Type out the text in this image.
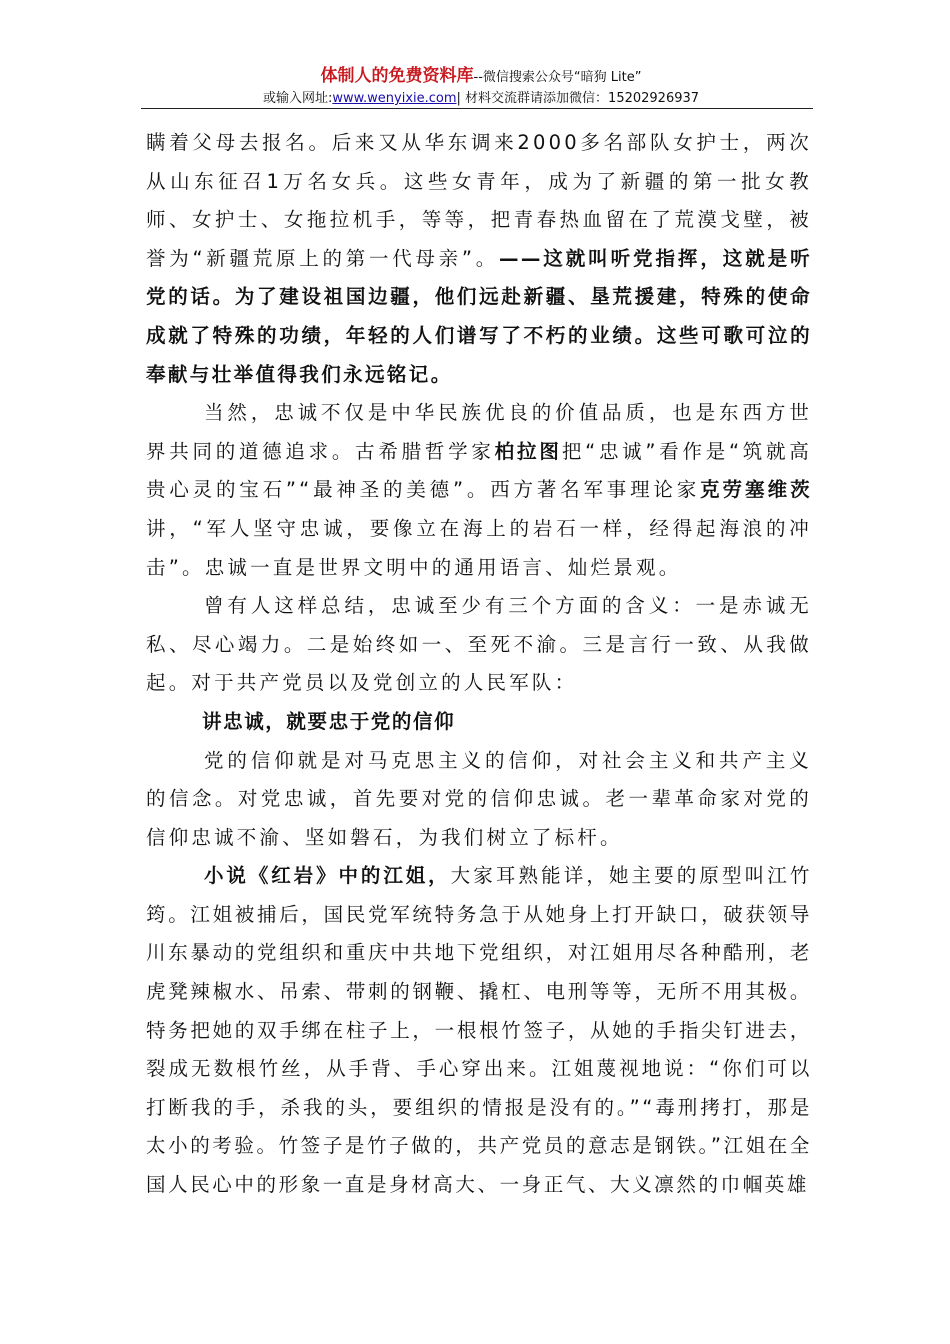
体制人的免费资料库--微信搜索公众号“暗狗 Lite”
或输入网址:www.wenyixie.com| 材料交流群请添加微信：15202926937

瞒着父母去报名。后来又从华东调来2000多名部队女护士，两次从山东征召1万名女兵。这些女青年，成为了新疆的第一批女教师、女护士、女拖拉机手，等等，把青春热血留在了荒漠戈壁，被誉为“新疆荒原上的第一代母亲”。——这就叫听党指挥，这就是听党的话。为了建设祖国边疆，他们远赴新疆、垦荒援建，特殊的使命成就了特殊的功绩，年轻的人们谱写了不朽的业绩。这些可歌可泣的奉献与壮举值得我们永远铭记。

当然，忠诚不仅是中华民族优良的价值品质，也是东西方世界共同的道德追求。古希腊哲学家柏拉图把“忠诚”看作是“筑就高贵心灵的宝石”“最神圣的美德”。西方著名军事理论家克劳塞维茨讲，“军人坚守忠诚，要像立在海上的岩石一样，经得起海浪的冲击”。忠诚一直是世界文明中的通用语言、灿烂景观。

曾有人这样总结，忠诚至少有三个方面的含义：一是赤诚无私、尽心竭力。二是始终如一、至死不渝。三是言行一致、从我做起。对于共产党员以及党创立的人民军队：

讲忠诚，就要忠于党的信仰

党的信仰就是对马克思主义的信仰，对社会主义和共产主义的信念。对党忠诚，首先要对党的信仰忠诚。老一辈革命家对党的信仰忠诚不渝、坚如磐石，为我们树立了标杆。

小说《红岩》中的江姐，大家耳熟能详，她主要的原型叫江竹筠。江姐被捕后，国民党军统特务急于从她身上打开缺口，破获领导川东暴动的党组织和重庆中共地下党组织，对江姐用尽各种酷刑，老虎凳辣椒水、吊索、带刺的钢鞭、撬杠、电刑等等，无所不用其极。特务把她的双手绑在柱子上，一根根竹签子，从她的手指尖钉进去，裂成无数根竹丝，从手背、手心穿出来。江姐蔑视地说：“你们可以打断我的手，杀我的头，要组织的情报是没有的。”“毒刑拷打，那是太小的考验。竹签子是竹子做的，共产党员的意志是钢铁。”江姐在全国人民心中的形象一直是身材高大、一身正气、大义凛然的巾帼英雄
